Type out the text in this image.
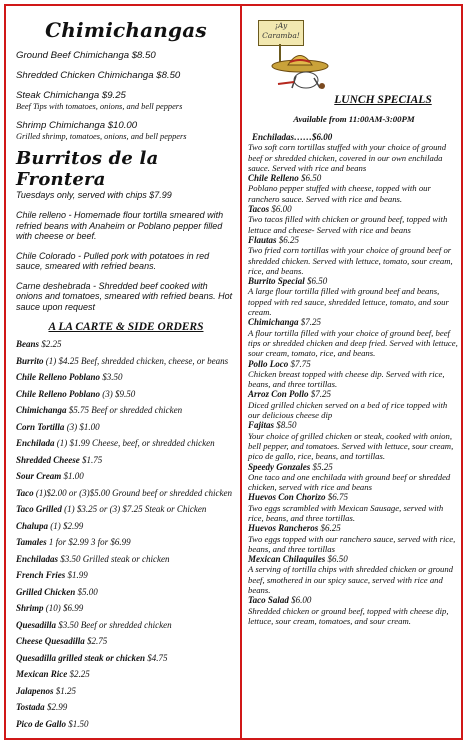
Chimichangas
Ground Beef Chimichanga $8.50
Shredded Chicken Chimichanga $8.50
Steak Chimichanga $9.25
Beef Tips with tomatoes, onions, and bell peppers
Shrimp Chimichanga $10.00
Grilled shrimp, tomatoes, onions, and bell peppers
Burritos de la Frontera
Tuesdays only, served with chips $7.99
Chile relleno - Homemade flour tortilla smeared with refried beans with Anaheim or Poblano pepper filled with cheese or beef.
Chile Colorado - Pulled pork with potatoes in red sauce, smeared with refried beans.
Carne deshebrada - Shredded beef cooked with onions and tomatoes, smeared with refried beans. Hot sauce upon request
A LA CARTE & SIDE ORDERS
Beans $2.25
Burrito (1) $4.25 Beef, shredded chicken, cheese, or beans
Chile Relleno Poblano $3.50
Chile Relleno Poblano (3) $9.50
Chimichanga $5.75 Beef or shredded chicken
Corn Tortilla (3) $1.00
Enchilada (1) $1.99 Cheese, beef, or shredded chicken
Shredded Cheese $1.75
Sour Cream $1.00
Taco (1)$2.00 or (3)$5.00 Ground beef or shredded chicken
Taco Grilled (1) $3.25 or (3) $7.25 Steak or Chicken
Chalupa (1) $2.99
Tamales 1 for $2.99 3 for $6.99
Enchiladas $3.50 Grilled steak or chicken
French Fries $1.99
Grilled Chicken $5.00
Shrimp (10) $6.99
Quesadilla $3.50 Beef or shredded chicken
Cheese Quesadilla $2.75
Quesadilla grilled steak or chicken $4.75
Mexican Rice $2.25
Jalapenos $1.25
Tostada $2.99
Pico de Gallo $1.50
¡Ay Caramba!
LUNCH SPECIALS
Available from 11:00AM-3:00PM
Enchiladas……$6.00
Two soft corn tortillas stuffed with your choice of ground beef or shredded chicken, covered in our own enchilada sauce. Served with rice and beans
Chile Relleno $6.50
Poblano pepper stuffed with cheese, topped with our ranchero sauce. Served with rice and beans.
Tacos $6.00
Two tacos filled with chicken or ground beef, topped with lettuce and cheese- Served with rice and beans
Flautas $6.25
Two fried corn tortillas with your choice of ground beef or shredded chicken. Served with lettuce, tomato, sour cream, rice, and beans.
Burrito Special $6.50
A large flour tortilla filled with ground beef and beans, topped with red sauce, shredded lettuce, tomato, and sour cream.
Chimichanga $7.25
A flour tortilla filled with your choice of ground beef, beef tips or shredded chicken and deep fried. Served with lettuce, sour cream, tomato, rice, and beans.
Pollo Loco $7.75
Chicken breast topped with cheese dip. Served with rice, beans, and three tortillas.
Arroz Con Pollo $7.25
Diced grilled chicken served on a bed of rice topped with our delicious cheese dip
Fajitas $8.50
Your choice of grilled chicken or steak, cooked with onion, bell pepper, and tomatoes. Served with lettuce, sour cream, pico de gallo, rice, beans, and tortillas.
Speedy Gonzales $5.25
One taco and one enchilada with ground beef or shredded chicken, served with rice and beans
Huevos Con Chorizo $6.75
Two eggs scrambled with Mexican Sausage, served with rice, beans, and three tortillas.
Huevos Rancheros $6.25
Two eggs topped with our ranchero sauce, served with rice, beans, and three tortillas
Mexican Chilaquiles $6.50
A serving of tortilla chips with shredded chicken or ground beef, smothered in our spicy sauce, served with rice and beans.
Taco Salad $6.00
Shredded chicken or ground beef, topped with cheese dip, lettuce, sour cream, tomatoes, and sour cream.
